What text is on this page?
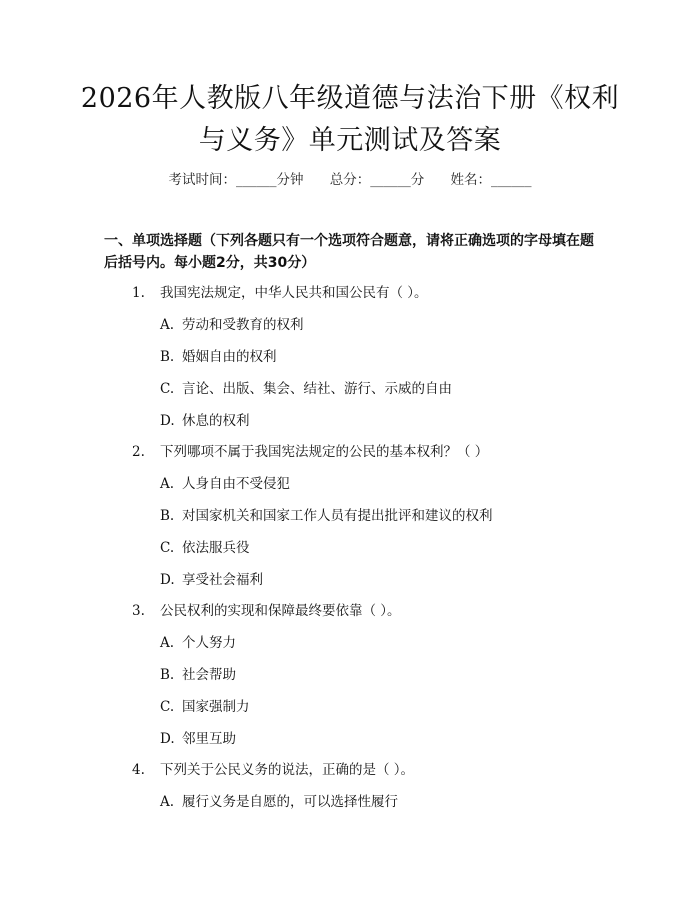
2026年人教版八年级道德与法治下册《权利
与义务》单元测试及答案
考试时间：______分钟 总分：______分 姓名：______
一、单项选择题（下列各题只有一个选项符合题意，请将正确选项的字母填在题后括号内。每小题2分，共30分）
1.	我国宪法规定，中华人民共和国公民有（ ）。
A. 劳动和受教育的权利
B. 婚姻自由的权利
C. 言论、出版、集会、结社、游行、示威的自由
D. 休息的权利
2.	下列哪项不属于我国宪法规定的公民的基本权利？（ ）
A. 人身自由不受侵犯
B. 对国家机关和国家工作人员有提出批评和建议的权利
C. 依法服兵役
D. 享受社会福利
3.	公民权利的实现和保障最终要依靠（ ）。
A. 个人努力
B. 社会帮助
C. 国家强制力
D. 邻里互助
4.	下列关于公民义务的说法，正确的是（ ）。
A. 履行义务是自愿的，可以选择性履行
